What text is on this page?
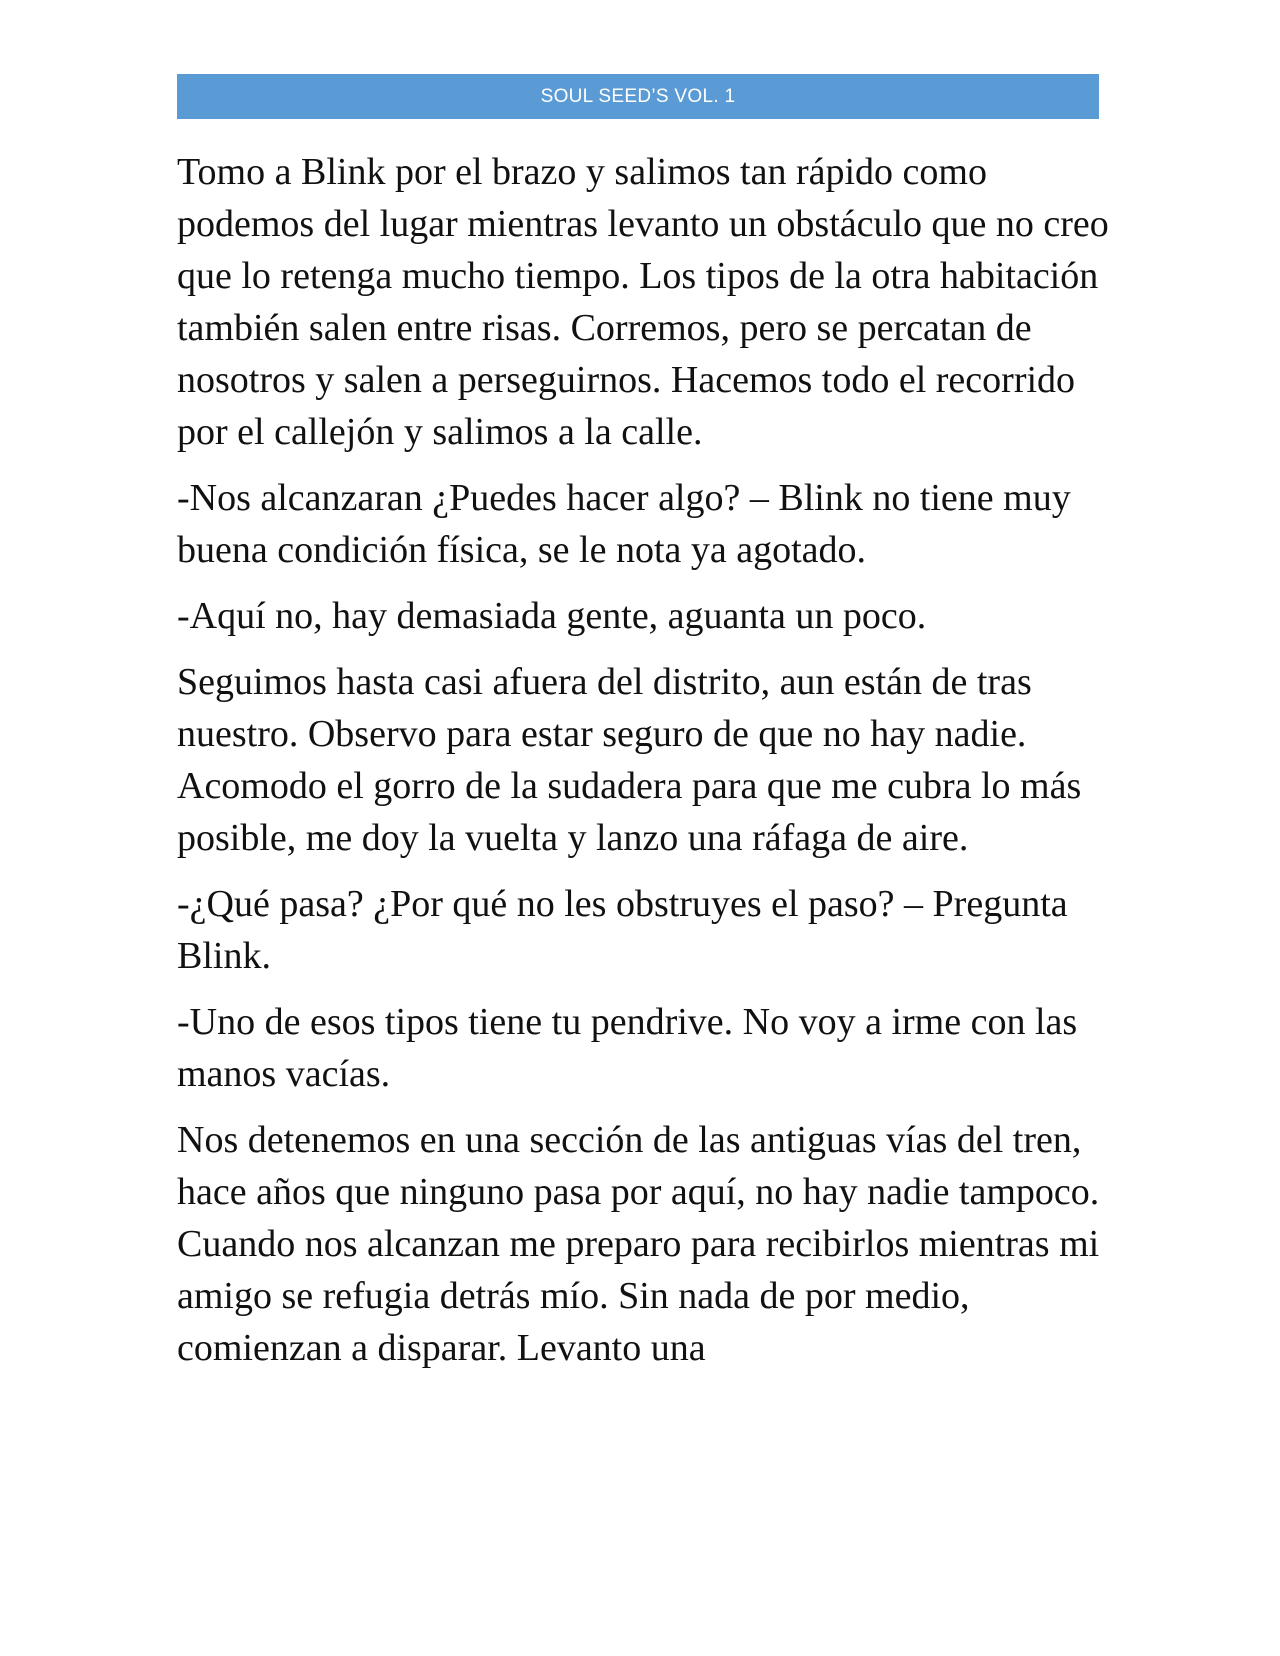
SOUL SEED’S VOL. 1

Tomo a Blink por el brazo y salimos tan rápido como podemos del lugar mientras levanto un obstáculo que no creo que lo retenga mucho tiempo. Los tipos de la otra habitación también salen entre risas. Corremos, pero se percatan de nosotros y salen a perseguirnos. Hacemos todo el recorrido por el callejón y salimos a la calle.

-Nos alcanzaran ¿Puedes hacer algo? – Blink no tiene muy buena condición física, se le nota ya agotado.

-Aquí no, hay demasiada gente, aguanta un poco.

Seguimos hasta casi afuera del distrito, aun están de tras nuestro. Observo para estar seguro de que no hay nadie. Acomodo el gorro de la sudadera para que me cubra lo más posible, me doy la vuelta y lanzo una ráfaga de aire.

-¿Qué pasa? ¿Por qué no les obstruyes el paso? – Pregunta Blink.

-Uno de esos tipos tiene tu pendrive. No voy a irme con las manos vacías.

Nos detenemos en una sección de las antiguas vías del tren, hace años que ninguno pasa por aquí, no hay nadie tampoco. Cuando nos alcanzan me preparo para recibirlos mientras mi amigo se refugia detrás mío. Sin nada de por medio, comienzan a disparar. Levanto una
